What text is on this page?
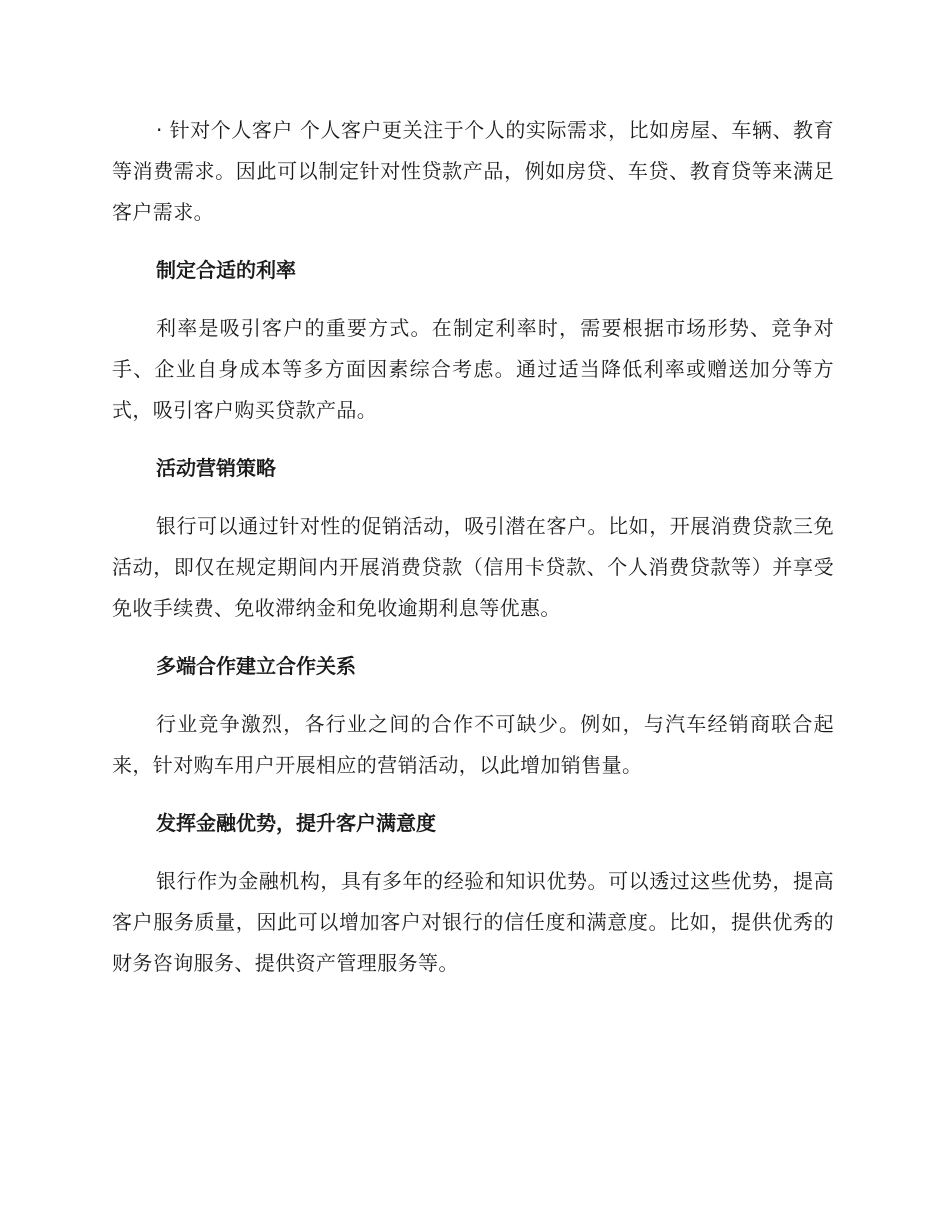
· 针对个人客户 个人客户更关注于个人的实际需求，比如房屋、车辆、教育等消费需求。因此可以制定针对性贷款产品，例如房贷、车贷、教育贷等来满足客户需求。

制定合适的利率

利率是吸引客户的重要方式。在制定利率时，需要根据市场形势、竞争对手、企业自身成本等多方面因素综合考虑。通过适当降低利率或赠送加分等方式，吸引客户购买贷款产品。

活动营销策略

银行可以通过针对性的促销活动，吸引潜在客户。比如，开展消费贷款三免活动，即仅在规定期间内开展消费贷款（信用卡贷款、个人消费贷款等）并享受免收手续费、免收滞纳金和免收逾期利息等优惠。

多端合作建立合作关系

行业竞争激烈，各行业之间的合作不可缺少。例如，与汽车经销商联合起来，针对购车用户开展相应的营销活动，以此增加销售量。

发挥金融优势，提升客户满意度

银行作为金融机构，具有多年的经验和知识优势。可以透过这些优势，提高客户服务质量，因此可以增加客户对银行的信任度和满意度。比如，提供优秀的财务咨询服务、提供资产管理服务等。
